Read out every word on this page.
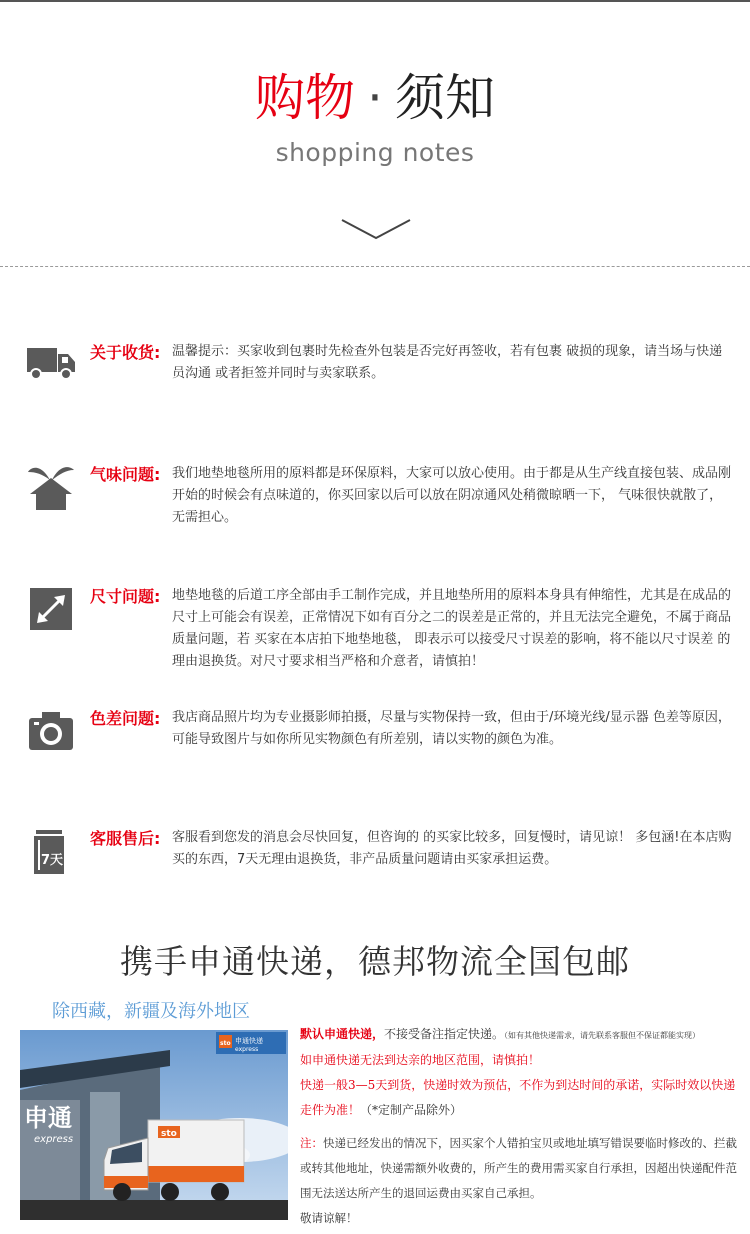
购物 · 须知
shopping notes
关于收货: 温馨提示：买家收到包裹时先检查外包装是否完好再签收，若有包裹 破损的现象，请当场与快递员沟通 或者拒签并同时与卖家联系。
气味问题: 我们地垫地毯所用的原料都是环保原料，大家可以放心使用。由于都是从生产线直接包装、成品刚开始的时候会有点味道的，你买回家以后可以放在阴凉通风处稍微晾晒一下， 气味很快就散了，无需担心。
尺寸问题: 地垫地毯的后道工序全部由手工制作完成，并且地垫所用的原料本身具有伸缩性，尤其是在成品的尺寸上可能会有误差，正常情况下如有百分之二的误差是正常的，并且无法完全避免，不属于商品质量问题，若 买家在本店拍下地垫地毯， 即表示可以接受尺寸误差的影响，将不能以尺寸误差 的理由退换货。对尺寸要求相当严格和介意者，请慎拍！
色差问题: 我店商品照片均为专业摄影师拍摄，尽量与实物保持一致，但由于/环境光线/显示器 色差等原因，可能导致图片与如你所见实物颜色有所差别，请以实物的颜色为准。
7天
客服售后: 客服看到您发的消息会尽快回复，但咨询的 的买家比较多，回复慢时，请见谅！ 多包涵!在本店购买的东西，7天无理由退换货，非产品质量问题请由买家承担运费。
携手申通快递，德邦物流全国包邮
除西藏，新疆及海外地区
申通
express	sto
sto 申通快递
express

默认申通快递，不接受备注指定快递。（如有其他快递需求，请先联系客服但不保证都能实现）

如申通快递无法到达亲的地区范围，请慎拍！

快递一般3—5天到货，快递时效为预估，不作为到达时间的承诺，实际时效以快递走件为准！（*定制产品除外）

注：快递已经发出的情况下，因买家个人错拍宝贝或地址填写错误要临时修改的、拦截或转其他地址，快递需额外收费的，所产生的费用需买家自行承担，因超出快递配件范围无法送达所产生的退回运费由买家自己承担。

敬请谅解！
